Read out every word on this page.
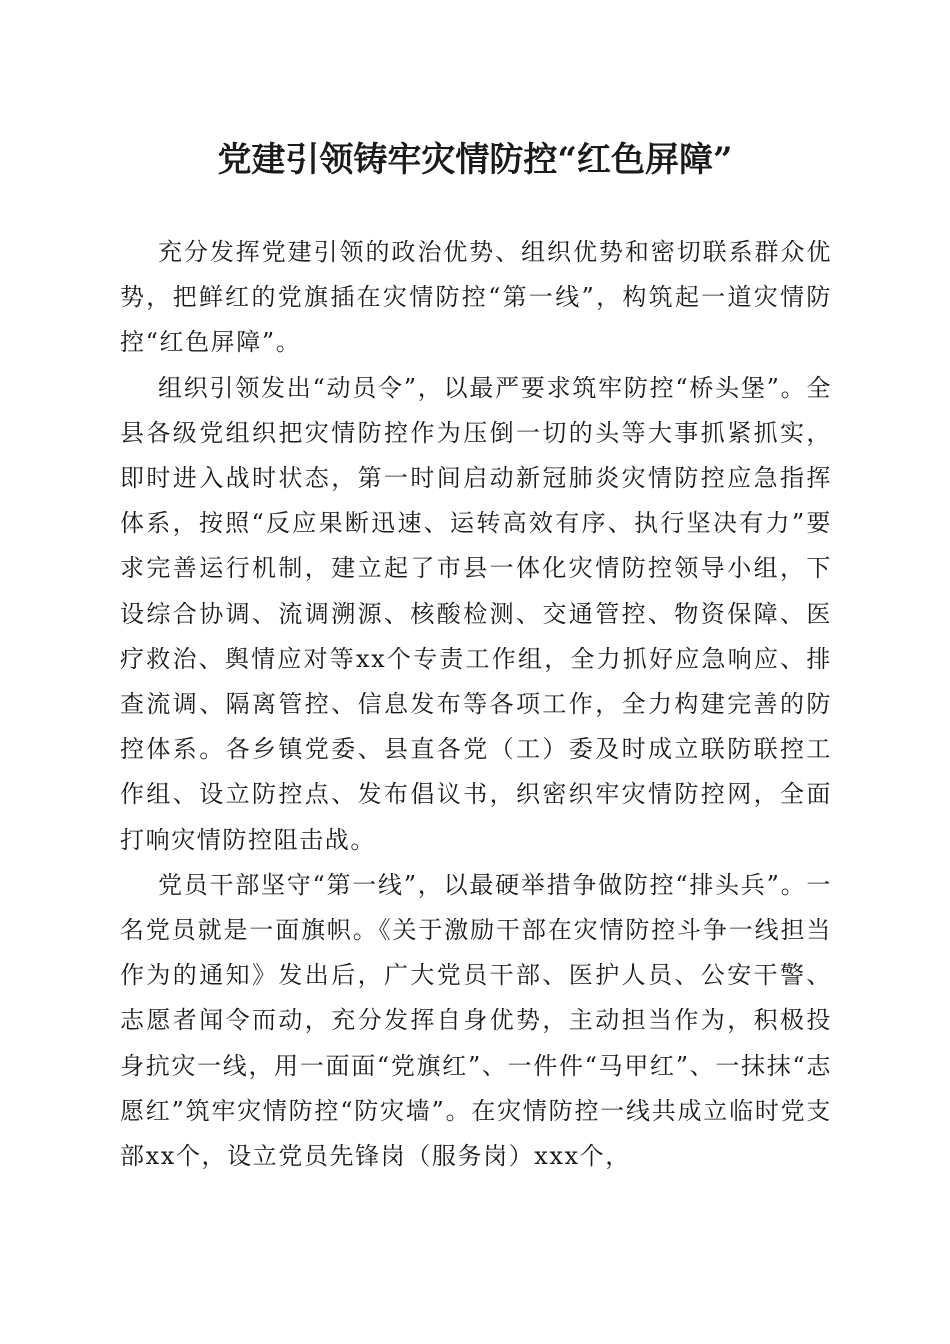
党建引领铸牢灾情防控“红色屏障”

充分发挥党建引领的政治优势、组织优势和密切联系群众优势，把鲜红的党旗插在灾情防控“第一线”，构筑起一道灾情防控“红色屏障”。

组织引领发出“动员令”，以最严要求筑牢防控“桥头堡”。全县各级党组织把灾情防控作为压倒一切的头等大事抓紧抓实，即时进入战时状态，第一时间启动新冠肺炎灾情防控应急指挥体系，按照“反应果断迅速、运转高效有序、执行坚决有力”要求完善运行机制，建立起了市县一体化灾情防控领导小组，下设综合协调、流调溯源、核酸检测、交通管控、物资保障、医疗救治、舆情应对等xx个专责工作组，全力抓好应急响应、排查流调、隔离管控、信息发布等各项工作，全力构建完善的防控体系。各乡镇党委、县直各党（工）委及时成立联防联控工作组、设立防控点、发布倡议书，织密织牢灾情防控网，全面打响灾情防控阻击战。

党员干部坚守“第一线”，以最硬举措争做防控“排头兵”。一名党员就是一面旗帜。《关于激励干部在灾情防控斗争一线担当作为的通知》发出后，广大党员干部、医护人员、公安干警、志愿者闻令而动，充分发挥自身优势，主动担当作为，积极投身抗灾一线，用一面面“党旗红”、一件件“马甲红”、一抹抹“志愿红”筑牢灾情防控“防灾墙”。在灾情防控一线共成立临时党支部xx个，设立党员先锋岗（服务岗）xxx个，
